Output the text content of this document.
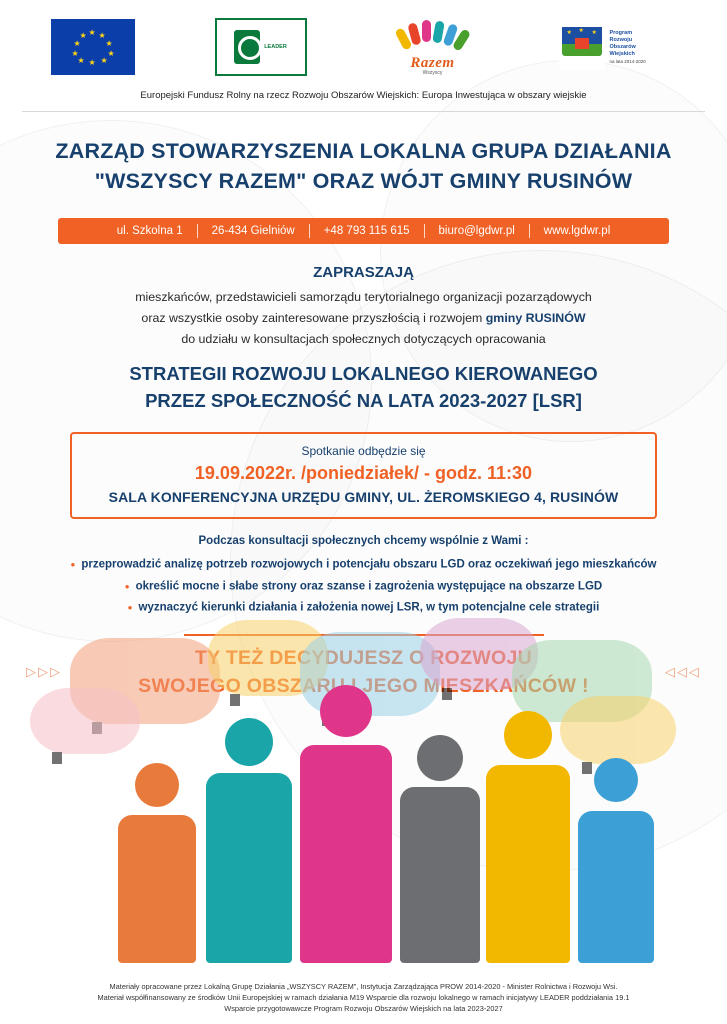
★ ★
★
★
★
★
★
★
★
★
LEADER
Razem
Wszyscy
★	★
★	Program
Rozwoju
Obszarów
Wiejskich
na lata 2014-2020
Europejski Fundusz Rolny na rzecz Rozwoju Obszarów Wiejskich: Europa Inwestująca w obszary wiejskie
ZARZĄD STOWARZYSZENIA LOKALNA GRUPA DZIAŁANIA
"WSZYSCY RAZEM" ORAZ WÓJT GMINY RUSINÓW
ul. Szkolna 1	26-434 Gielniów	+48 793 115 615	biuro@lgdwr.pl	www.lgdwr.pl
ZAPRASZAJĄ
mieszkańców, przedstawicieli samorządu terytorialnego organizacji pozarządowych
oraz wszystkie osoby zainteresowane przyszłością i rozwojem gminy RUSINÓW
do udziału w konsultacjach społecznych dotyczących opracowania
STRATEGII ROZWOJU LOKALNEGO KIEROWANEGO
PRZEZ SPOŁECZNOŚĆ NA LATA 2023-2027 [LSR]
Spotkanie odbędzie się
19.09.2022r. /poniedziałek/ - godz. 11:30
SALA KONFERENCYJNA URZĘDU GMINY, UL. ŻEROMSKIEGO 4, RUSINÓW
Podczas konsultacji społecznych chcemy wspólnie z Wami :
● przeprowadzić analizę potrzeb rozwojowych i potencjału obszaru LGD oraz oczekiwań jego mieszkańców
● określić mocne i słabe strony oraz szanse i zagrożenia występujące na obszarze LGD
● wyznaczyć kierunki działania i założenia nowej LSR, w tym potencjalne cele strategii
▷▷▷	◁◁◁
Materiały opracowane przez Lokalną Grupę Działania „WSZYSCY RAZEM”, Instytucja Zarządzająca PROW 2014-2020 - Minister Rolnictwa i Rozwoju Wsi.
Materiał współfinansowany ze środków Unii Europejskiej w ramach działania M19 Wsparcie dla rozwoju lokalnego w ramach inicjatywy LEADER poddziałania 19.1
Wsparcie przygotowawcze Program Rozwoju Obszarów Wiejskich na lata 2023-2027
